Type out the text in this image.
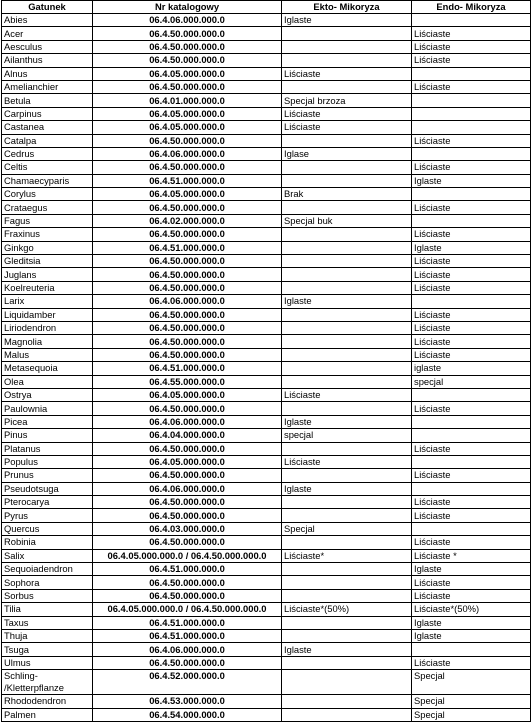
Gatunek	Nr katalogowy	Ekto- Mikoryza	Endo- Mikoryza
Abies	06.4.06.000.000.0	Iglaste	
Acer	06.4.50.000.000.0		Liściaste
Aesculus	06.4.50.000.000.0		Liściaste
Ailanthus	06.4.50.000.000.0		Liściaste
Alnus	06.4.05.000.000.0	Liściaste	
Amelianchier	06.4.50.000.000.0		Liściaste
Betula	06.4.01.000.000.0	Specjal brzoza	
Carpinus	06.4.05.000.000.0	Liściaste	
Castanea	06.4.05.000.000.0	Liściaste	
Catalpa	06.4.50.000.000.0		Liściaste
Cedrus	06.4.06.000.000.0	Iglase	
Celtis	06.4.50.000.000.0		Liściaste
Chamaecyparis	06.4.51.000.000.0		Iglaste
Corylus	06.4.05.000.000.0	Brak	
Crataegus	06.4.50.000.000.0		Liściaste
Fagus	06.4.02.000.000.0	Specjal buk	
Fraxinus	06.4.50.000.000.0		Liściaste
Ginkgo	06.4.51.000.000.0		Iglaste
Gleditsia	06.4.50.000.000.0		Liściaste
Juglans	06.4.50.000.000.0		Liściaste
Koelreuteria	06.4.50.000.000.0		Liściaste
Larix	06.4.06.000.000.0	Iglaste	
Liquidamber	06.4.50.000.000.0		Liściaste
Liriodendron	06.4.50.000.000.0		Liściaste
Magnolia	06.4.50.000.000.0		Liściaste
Malus	06.4.50.000.000.0		Liściaste
Metasequoia	06.4.51.000.000.0		iglaste
Olea	06.4.55.000.000.0		specjal
Ostrya	06.4.05.000.000.0	Liściaste	
Paulownia	06.4.50.000.000.0		Liściaste
Picea	06.4.06.000.000.0	Iglaste	
Pinus	06.4.04.000.000.0	specjal	
Platanus	06.4.50.000.000.0		Liściaste
Populus	06.4.05.000.000.0	Liściaste	
Prunus	06.4.50.000.000.0		Liściaste
Pseudotsuga	06.4.06.000.000.0	Iglaste	
Pterocarya	06.4.50.000.000.0		Liściaste
Pyrus	06.4.50.000.000.0		Liściaste
Quercus	06.4.03.000.000.0	Specjal	
Robinia	06.4.50.000.000.0		Liściaste
Salix	06.4.05.000.000.0 / 06.4.50.000.000.0	Liściaste*	Liściaste *
Sequoiadendron	06.4.51.000.000.0		Iglaste
Sophora	06.4.50.000.000.0		Liściaste
Sorbus	06.4.50.000.000.0		Liściaste
Tilia	06.4.05.000.000.0 / 06.4.50.000.000.0	Liściaste*(50%)	Liściaste*(50%)
Taxus	06.4.51.000.000.0		Iglaste
Thuja	06.4.51.000.000.0		Iglaste
Tsuga	06.4.06.000.000.0	Iglaste	
Ulmus	06.4.50.000.000.0		Liściaste
Schling- /Kletterpflanze	06.4.52.000.000.0		Specjal
Rhododendron	06.4.53.000.000.0		Specjal
Palmen	06.4.54.000.000.0		Specjal
